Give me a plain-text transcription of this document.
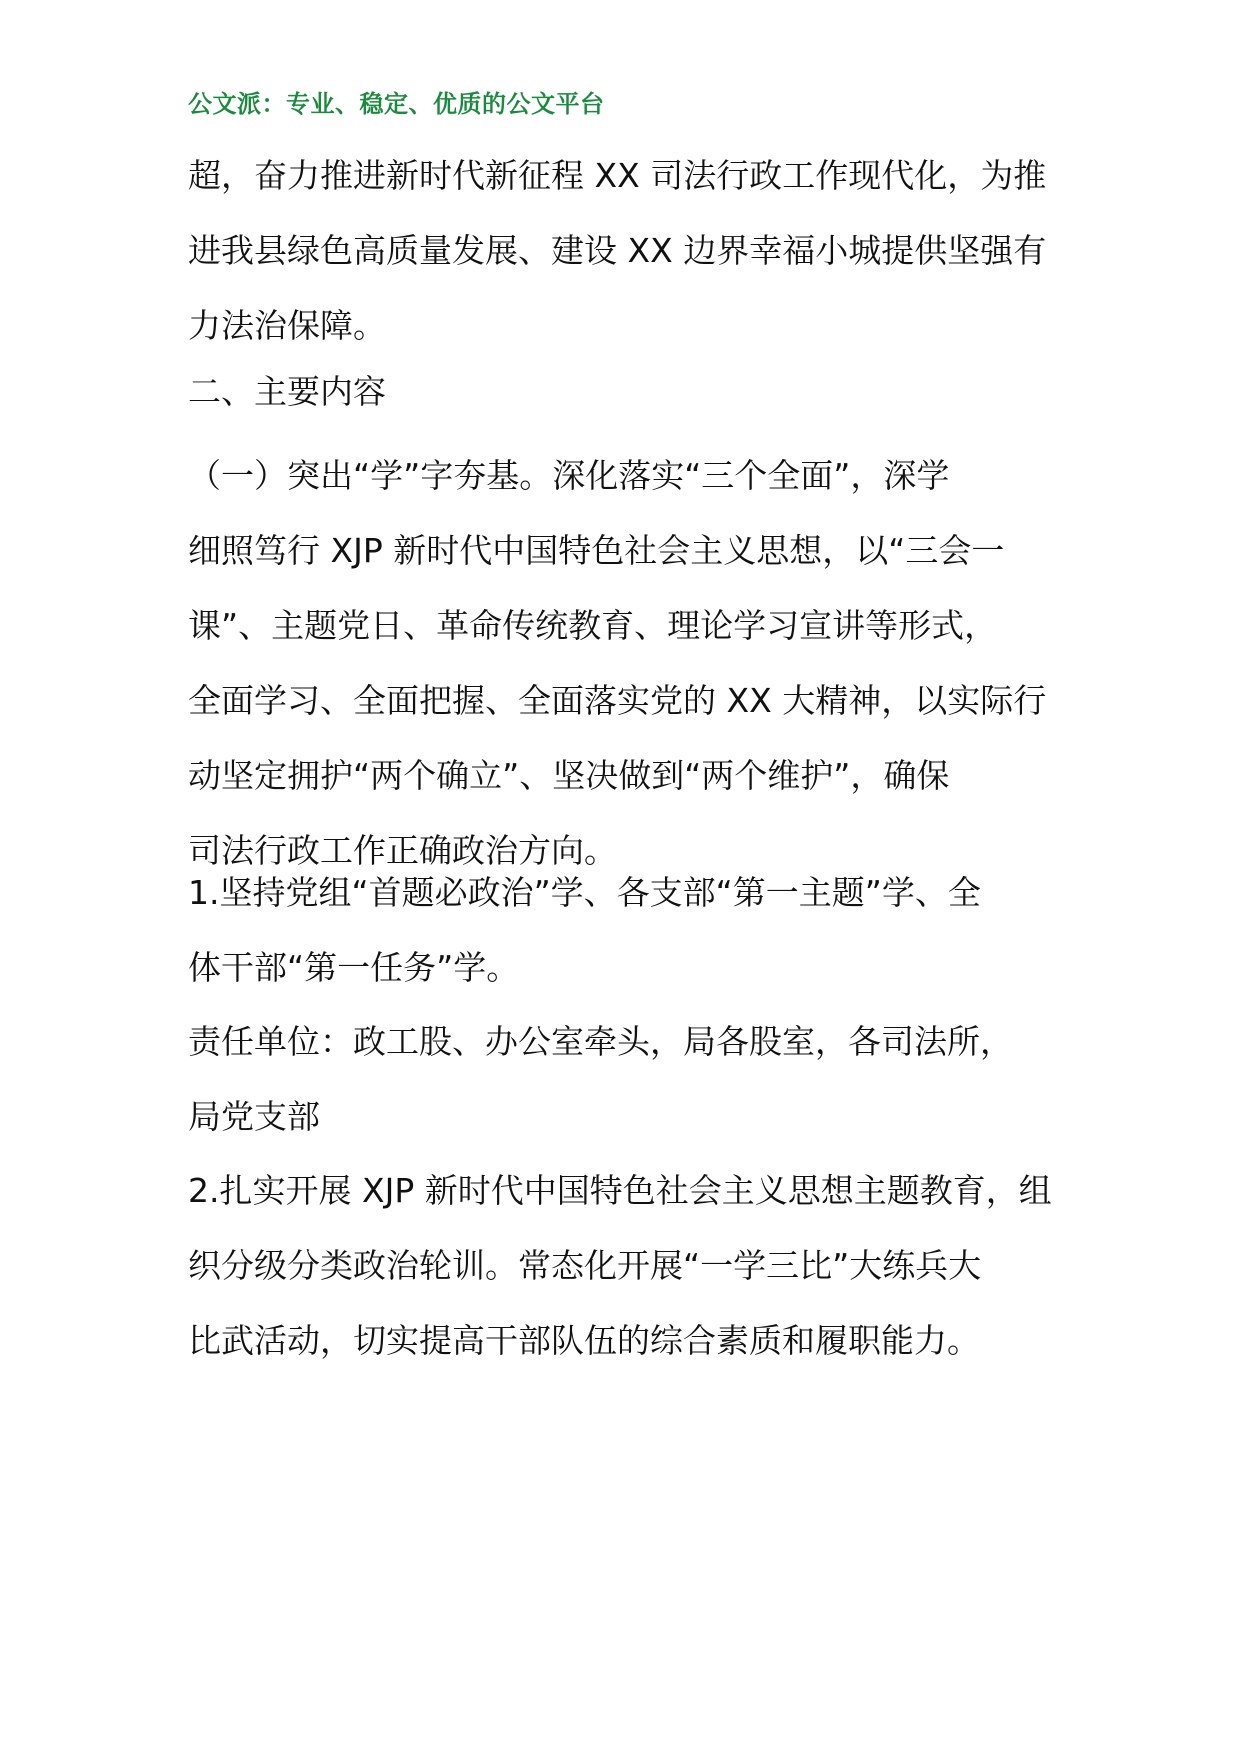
公文派：专业、稳定、优质的公文平台
超，奋力推进新时代新征程 XX 司法行政工作现代化，为推
进我县绿色高质量发展、建设 XX 边界幸福小城提供坚强有
力法治保障。
二、主要内容
（一）突出“学”字夯基。深化落实“三个全面”，深学
细照笃行 XJP 新时代中国特色社会主义思想，以“三会一
课”、主题党日、革命传统教育、理论学习宣讲等形式，
全面学习、全面把握、全面落实党的 XX 大精神，以实际行
动坚定拥护“两个确立”、坚决做到“两个维护”，确保
司法行政工作正确政治方向。
1.坚持党组“首题必政治”学、各支部“第一主题”学、全
体干部“第一任务”学。
责任单位：政工股、办公室牵头，局各股室，各司法所，
局党支部
2.扎实开展 XJP 新时代中国特色社会主义思想主题教育，组
织分级分类政治轮训。常态化开展“一学三比”大练兵大
比武活动，切实提高干部队伍的综合素质和履职能力。
